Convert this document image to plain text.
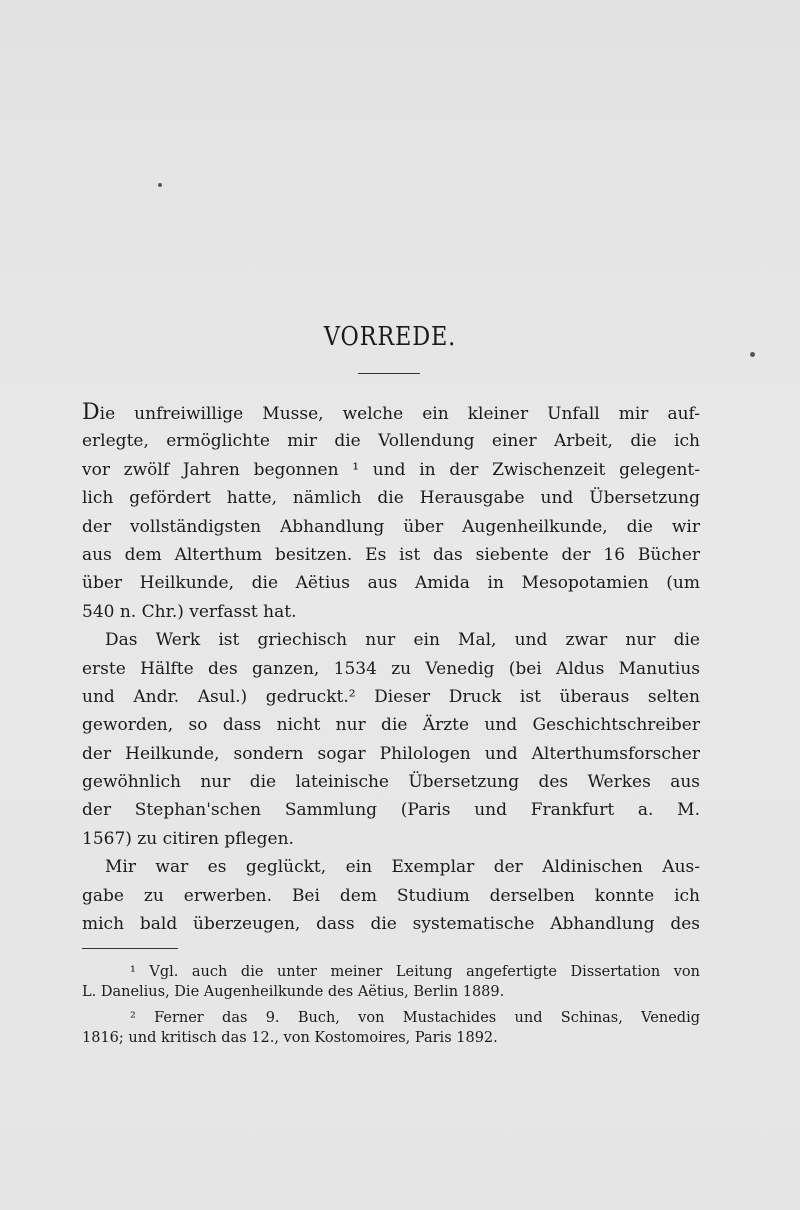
VORREDE.
Die unfreiwillige Musse, welche ein kleiner Unfall mir auf-
erlegte, ermöglichte mir die Vollendung einer Arbeit, die ich
vor zwölf Jahren begonnen ¹ und in der Zwischenzeit gelegent-
lich gefördert hatte, nämlich die Herausgabe und Übersetzung
der vollständigsten Abhandlung über Augenheilkunde, die wir
aus dem Alterthum besitzen. Es ist das siebente der 16 Bücher
über Heilkunde, die Aëtius aus Amida in Mesopotamien (um
540 n. Chr.) verfasst hat.
Das Werk ist griechisch nur ein Mal, und zwar nur die
erste Hälfte des ganzen, 1534 zu Venedig (bei Aldus Manutius
und Andr. Asul.) gedruckt.² Dieser Druck ist überaus selten
geworden, so dass nicht nur die Ärzte und Geschichtschreiber
der Heilkunde, sondern sogar Philologen und Alterthumsforscher
gewöhnlich nur die lateinische Übersetzung des Werkes aus
der Stephan'schen Sammlung (Paris und Frankfurt a. M.
1567) zu citiren pflegen.
Mir war es geglückt, ein Exemplar der Aldinischen Aus-
gabe zu erwerben. Bei dem Studium derselben konnte ich
mich bald überzeugen, dass die systematische Abhandlung des
¹ Vgl. auch die unter meiner Leitung angefertigte Dissertation von
L. Danelius, Die Augenheilkunde des Aëtius, Berlin 1889.
² Ferner das 9. Buch, von Mustachides und Schinas, Venedig
1816; und kritisch das 12., von Kostomoires, Paris 1892.
